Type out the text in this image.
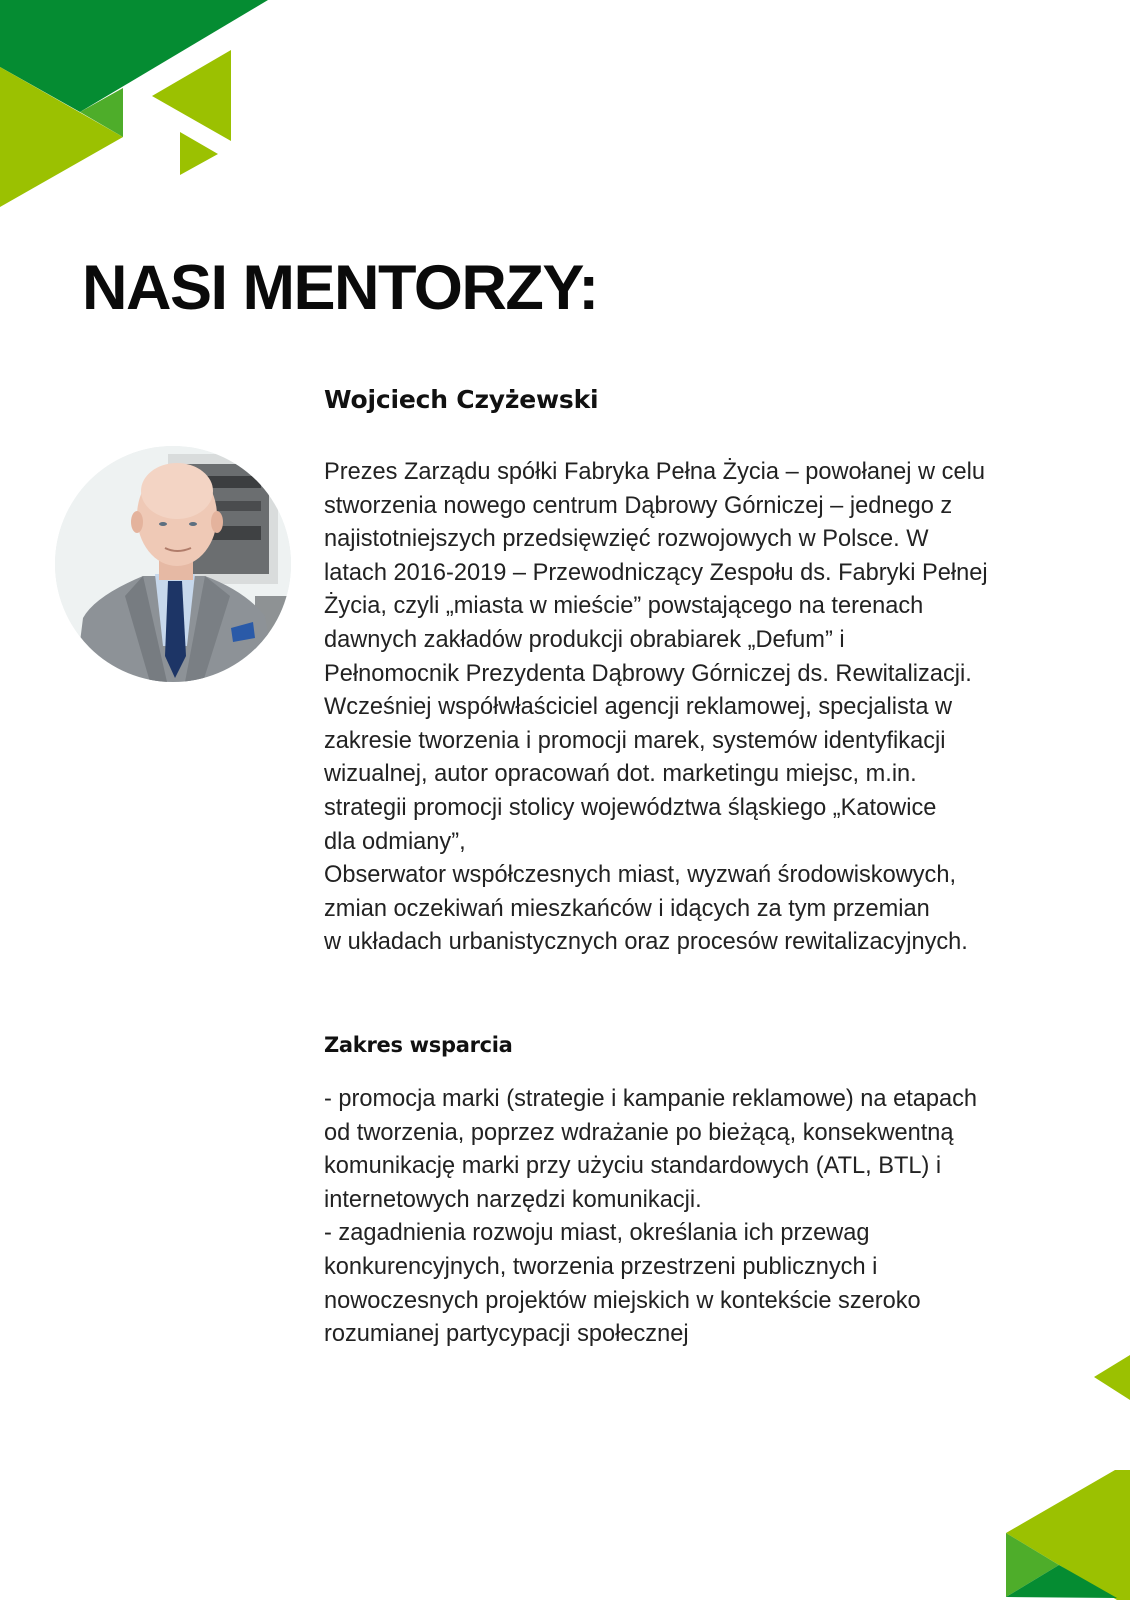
NASI MENTORZY:
Wojciech Czyżewski

Prezes Zarządu spółki Fabryka Pełna Życia – powołanej w celu
stworzenia nowego centrum Dąbrowy Górniczej – jednego z
najistotniejszych przedsięwzięć rozwojowych w Polsce. W
latach 2016-2019 – Przewodniczący Zespołu ds. Fabryki Pełnej
Życia, czyli „miasta w mieście” powstającego na terenach
dawnych zakładów produkcji obrabiarek „Defum” i
Pełnomocnik Prezydenta Dąbrowy Górniczej ds. Rewitalizacji.
Wcześniej współwłaściciel agencji reklamowej, specjalista w
zakresie tworzenia i promocji marek, systemów identyfikacji
wizualnej, autor opracowań dot. marketingu miejsc, m.in.
strategii promocji stolicy województwa śląskiego „Katowice
dla odmiany”,
Obserwator współczesnych miast, wyzwań środowiskowych,
zmian oczekiwań mieszkańców i idących za tym przemian
w układach urbanistycznych oraz procesów rewitalizacyjnych.

Zakres wsparcia

- promocja marki (strategie i kampanie reklamowe) na etapach
od tworzenia, poprzez wdrażanie po bieżącą, konsekwentną
komunikację marki przy użyciu standardowych (ATL, BTL) i
internetowych narzędzi komunikacji.
- zagadnienia rozwoju miast, określania ich przewag
konkurencyjnych, tworzenia przestrzeni publicznych i
nowoczesnych projektów miejskich w kontekście szeroko
rozumianej partycypacji społecznej
